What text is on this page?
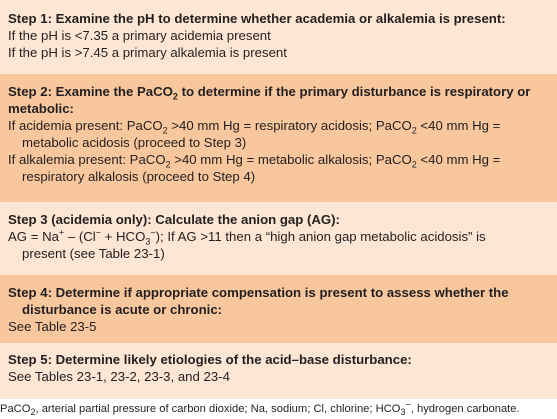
Step 1: Examine the pH to determine whether academia or alkalemia is present:
If the pH is <7.35 a primary acidemia present
If the pH is >7.45 a primary alkalemia is present
Step 2: Examine the PaCO$_2$ to determine if the primary disturbance is respiratory or
metabolic:
If acidemia present: PaCO$_2$ >40 mm Hg = respiratory acidosis; PaCO$_2$ <40 mm Hg =
metabolic acidosis (proceed to Step 3)
If alkalemia present: PaCO$_2$ >40 mm Hg = metabolic alkalosis; PaCO$_2$ <40 mm Hg =
respiratory alkalosis (proceed to Step 4)
Step 3 (acidemia only): Calculate the anion gap (AG):
AG = $Na^+ - (Cl^- + HCO_3^-)$; If AG >11 then a “high anion gap metabolic acidosis” is
present (see Table 23-1)
Step 4: Determine if appropriate compensation is present to assess whether the
disturbance is acute or chronic:
See Table 23-5
Step 5: Determine likely etiologies of the acid–base disturbance:
See Tables 23-1, 23-2, 23-3, and 23-4
PaCO$_2$, arterial partial pressure of carbon dioxide; Na, sodium; Cl, chlorine; $HCO_3^-$, hydrogen carbonate.
